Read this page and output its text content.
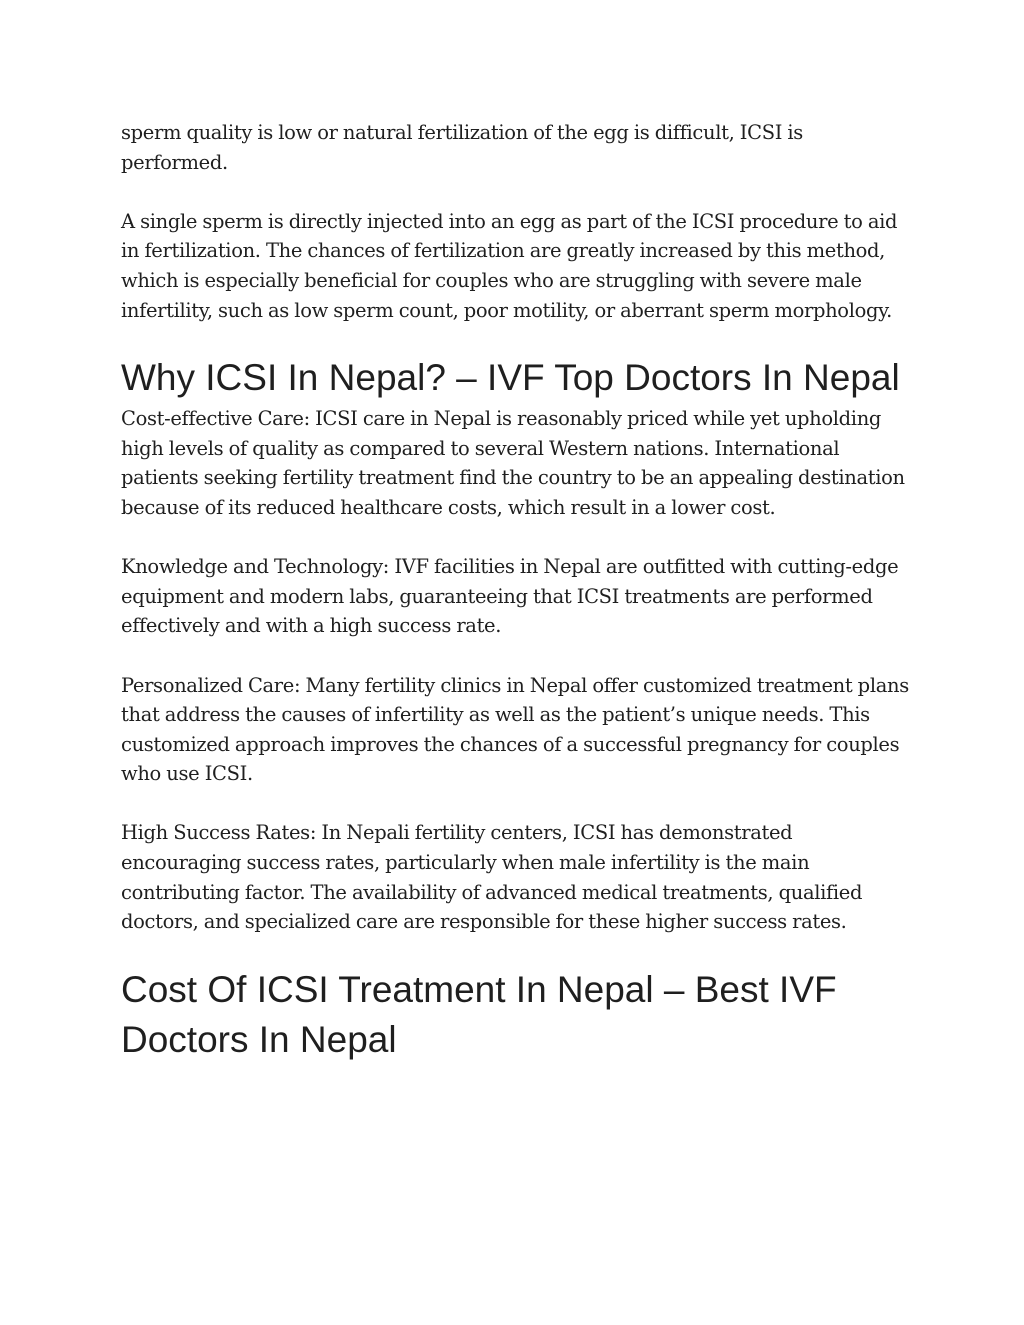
sperm quality is low or natural fertilization of the egg is difficult, ICSI is performed.

A single sperm is directly injected into an egg as part of the ICSI procedure to aid in fertilization. The chances of fertilization are greatly increased by this method, which is especially beneficial for couples who are struggling with severe male infertility, such as low sperm count, poor motility, or aberrant sperm morphology.

Why ICSI In Nepal? – IVF Top Doctors In Nepal

Cost-effective Care: ICSI care in Nepal is reasonably priced while yet upholding high levels of quality as compared to several Western nations. International patients seeking fertility treatment find the country to be an appealing destination because of its reduced healthcare costs, which result in a lower cost.

Knowledge and Technology: IVF facilities in Nepal are outfitted with cutting-edge equipment and modern labs, guaranteeing that ICSI treatments are performed effectively and with a high success rate.

Personalized Care: Many fertility clinics in Nepal offer customized treatment plans that address the causes of infertility as well as the patient’s unique needs. This customized approach improves the chances of a successful pregnancy for couples who use ICSI.

High Success Rates: In Nepali fertility centers, ICSI has demonstrated encouraging success rates, particularly when male infertility is the main contributing factor. The availability of advanced medical treatments, qualified doctors, and specialized care are responsible for these higher success rates.

Cost Of ICSI Treatment In Nepal – Best IVF Doctors In Nepal
